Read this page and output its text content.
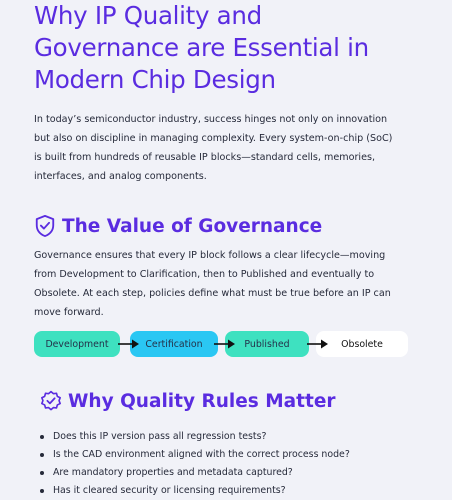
Why IP Quality and
Governance are Essential in
Modern Chip Design

In today’s semiconductor industry, success hinges not only on innovation
but also on discipline in managing complexity. Every system-on-chip (SoC)
is built from hundreds of reusable IP blocks—standard cells, memories,
interfaces, and analog components.

The Value of Governance

Governance ensures that every IP block follows a clear lifecycle—moving
from Development to Clarification, then to Published and eventually to
Obsolete. At each step, policies define what must be true before an IP can
move forward.

Development	Certification	Published	Obsolete
Why Quality Rules Matter
Does this IP version pass all regression tests?
Is the CAD environment aligned with the correct process node?
Are mandatory properties and metadata captured?
Has it cleared security or licensing requirements?
